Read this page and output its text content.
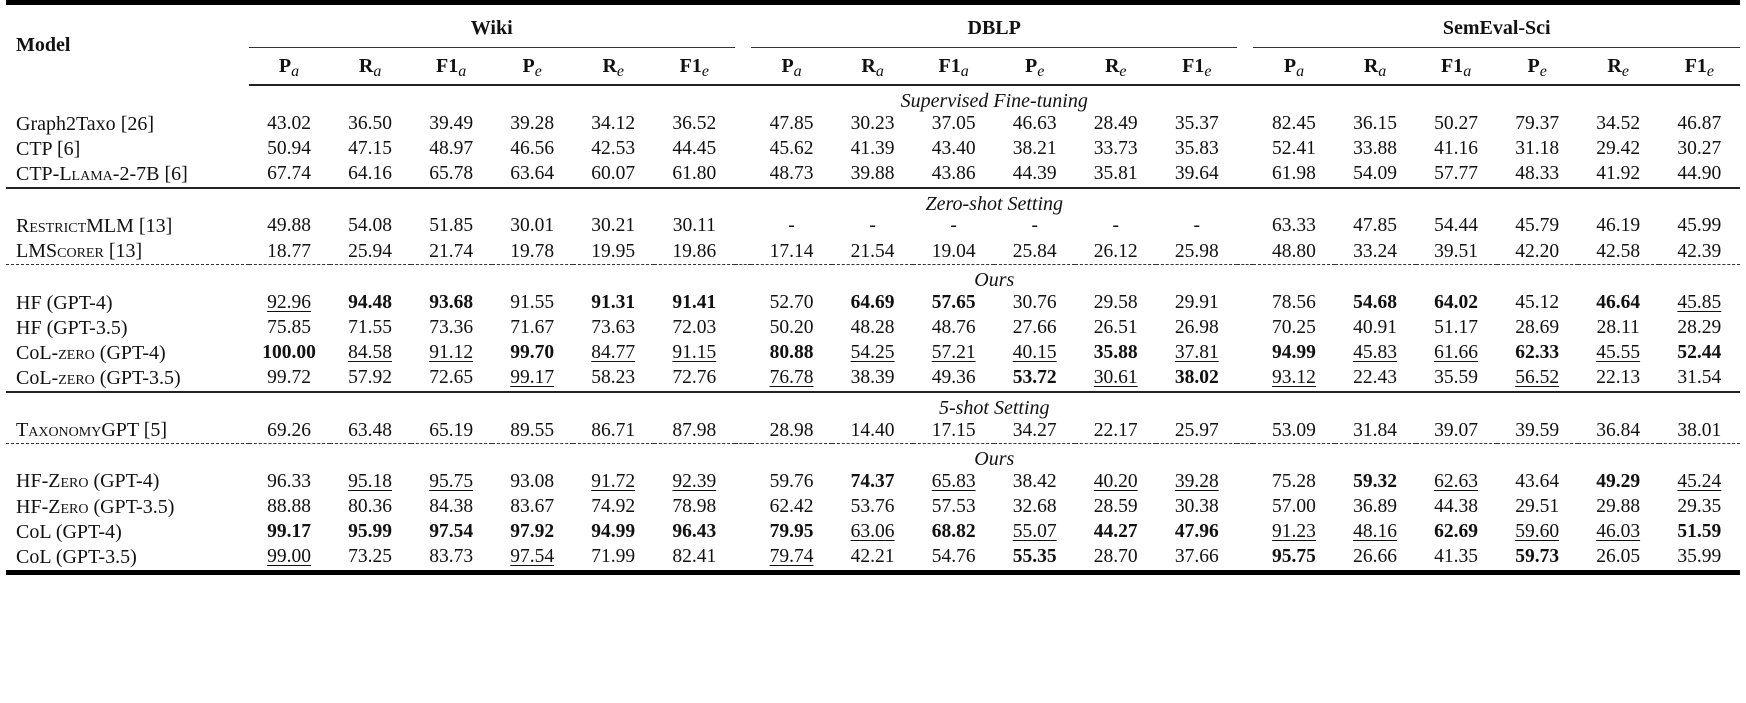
Model	Wiki							DBLP							SemEval-Sci					
	$P_a$	$R_a$	$F1_a$	$P_e$	$R_e$	$F1_e$		$P_a$	$R_a$	$F1_a$	$P_e$	$R_e$	$F1_e$		$P_a$	$R_a$	$F1_a$	$P_e$	$R_e$	$F1_e$
	Supervised Fine-tuning																			
Graph2Taxo [26]	43.02	36.50	39.49	39.28	34.12	36.52		47.85	30.23	37.05	46.63	28.49	35.37		82.45	36.15	50.27	79.37	34.52	46.87
CTP [6]	50.94	47.15	48.97	46.56	42.53	44.45		45.62	41.39	43.40	38.21	33.73	35.83		52.41	33.88	41.16	31.18	29.42	30.27
CTP-Llama-2-7B [6]	67.74	64.16	65.78	63.64	60.07	61.80		48.73	39.88	43.86	44.39	35.81	39.64		61.98	54.09	57.77	48.33	41.92	44.90
	Zero-shot Setting																			
RestrictMLM [13]	49.88	54.08	51.85	30.01	30.21	30.11		-	-	-	-	-	-		63.33	47.85	54.44	45.79	46.19	45.99
LMScorer [13]	18.77	25.94	21.74	19.78	19.95	19.86		17.14	21.54	19.04	25.84	26.12	25.98		48.80	33.24	39.51	42.20	42.58	42.39
	Ours																			
HF (GPT-4)	92.96	94.48	93.68	91.55	91.31	91.41		52.70	64.69	57.65	30.76	29.58	29.91		78.56	54.68	64.02	45.12	46.64	45.85
HF (GPT-3.5)	75.85	71.55	73.36	71.67	73.63	72.03		50.20	48.28	48.76	27.66	26.51	26.98		70.25	40.91	51.17	28.69	28.11	28.29
CoL-zero (GPT-4)	100.00	84.58	91.12	99.70	84.77	91.15		80.88	54.25	57.21	40.15	35.88	37.81		94.99	45.83	61.66	62.33	45.55	52.44
CoL-zero (GPT-3.5)	99.72	57.92	72.65	99.17	58.23	72.76		76.78	38.39	49.36	53.72	30.61	38.02		93.12	22.43	35.59	56.52	22.13	31.54
	5-shot Setting																			
TaxonomyGPT [5]	69.26	63.48	65.19	89.55	86.71	87.98		28.98	14.40	17.15	34.27	22.17	25.97		53.09	31.84	39.07	39.59	36.84	38.01
	Ours																			
HF-Zero (GPT-4)	96.33	95.18	95.75	93.08	91.72	92.39		59.76	74.37	65.83	38.42	40.20	39.28		75.28	59.32	62.63	43.64	49.29	45.24
HF-Zero (GPT-3.5)	88.88	80.36	84.38	83.67	74.92	78.98		62.42	53.76	57.53	32.68	28.59	30.38		57.00	36.89	44.38	29.51	29.88	29.35
CoL (GPT-4)	99.17	95.99	97.54	97.92	94.99	96.43		79.95	63.06	68.82	55.07	44.27	47.96		91.23	48.16	62.69	59.60	46.03	51.59
CoL (GPT-3.5)	99.00	73.25	83.73	97.54	71.99	82.41		79.74	42.21	54.76	55.35	28.70	37.66		95.75	26.66	41.35	59.73	26.05	35.99
